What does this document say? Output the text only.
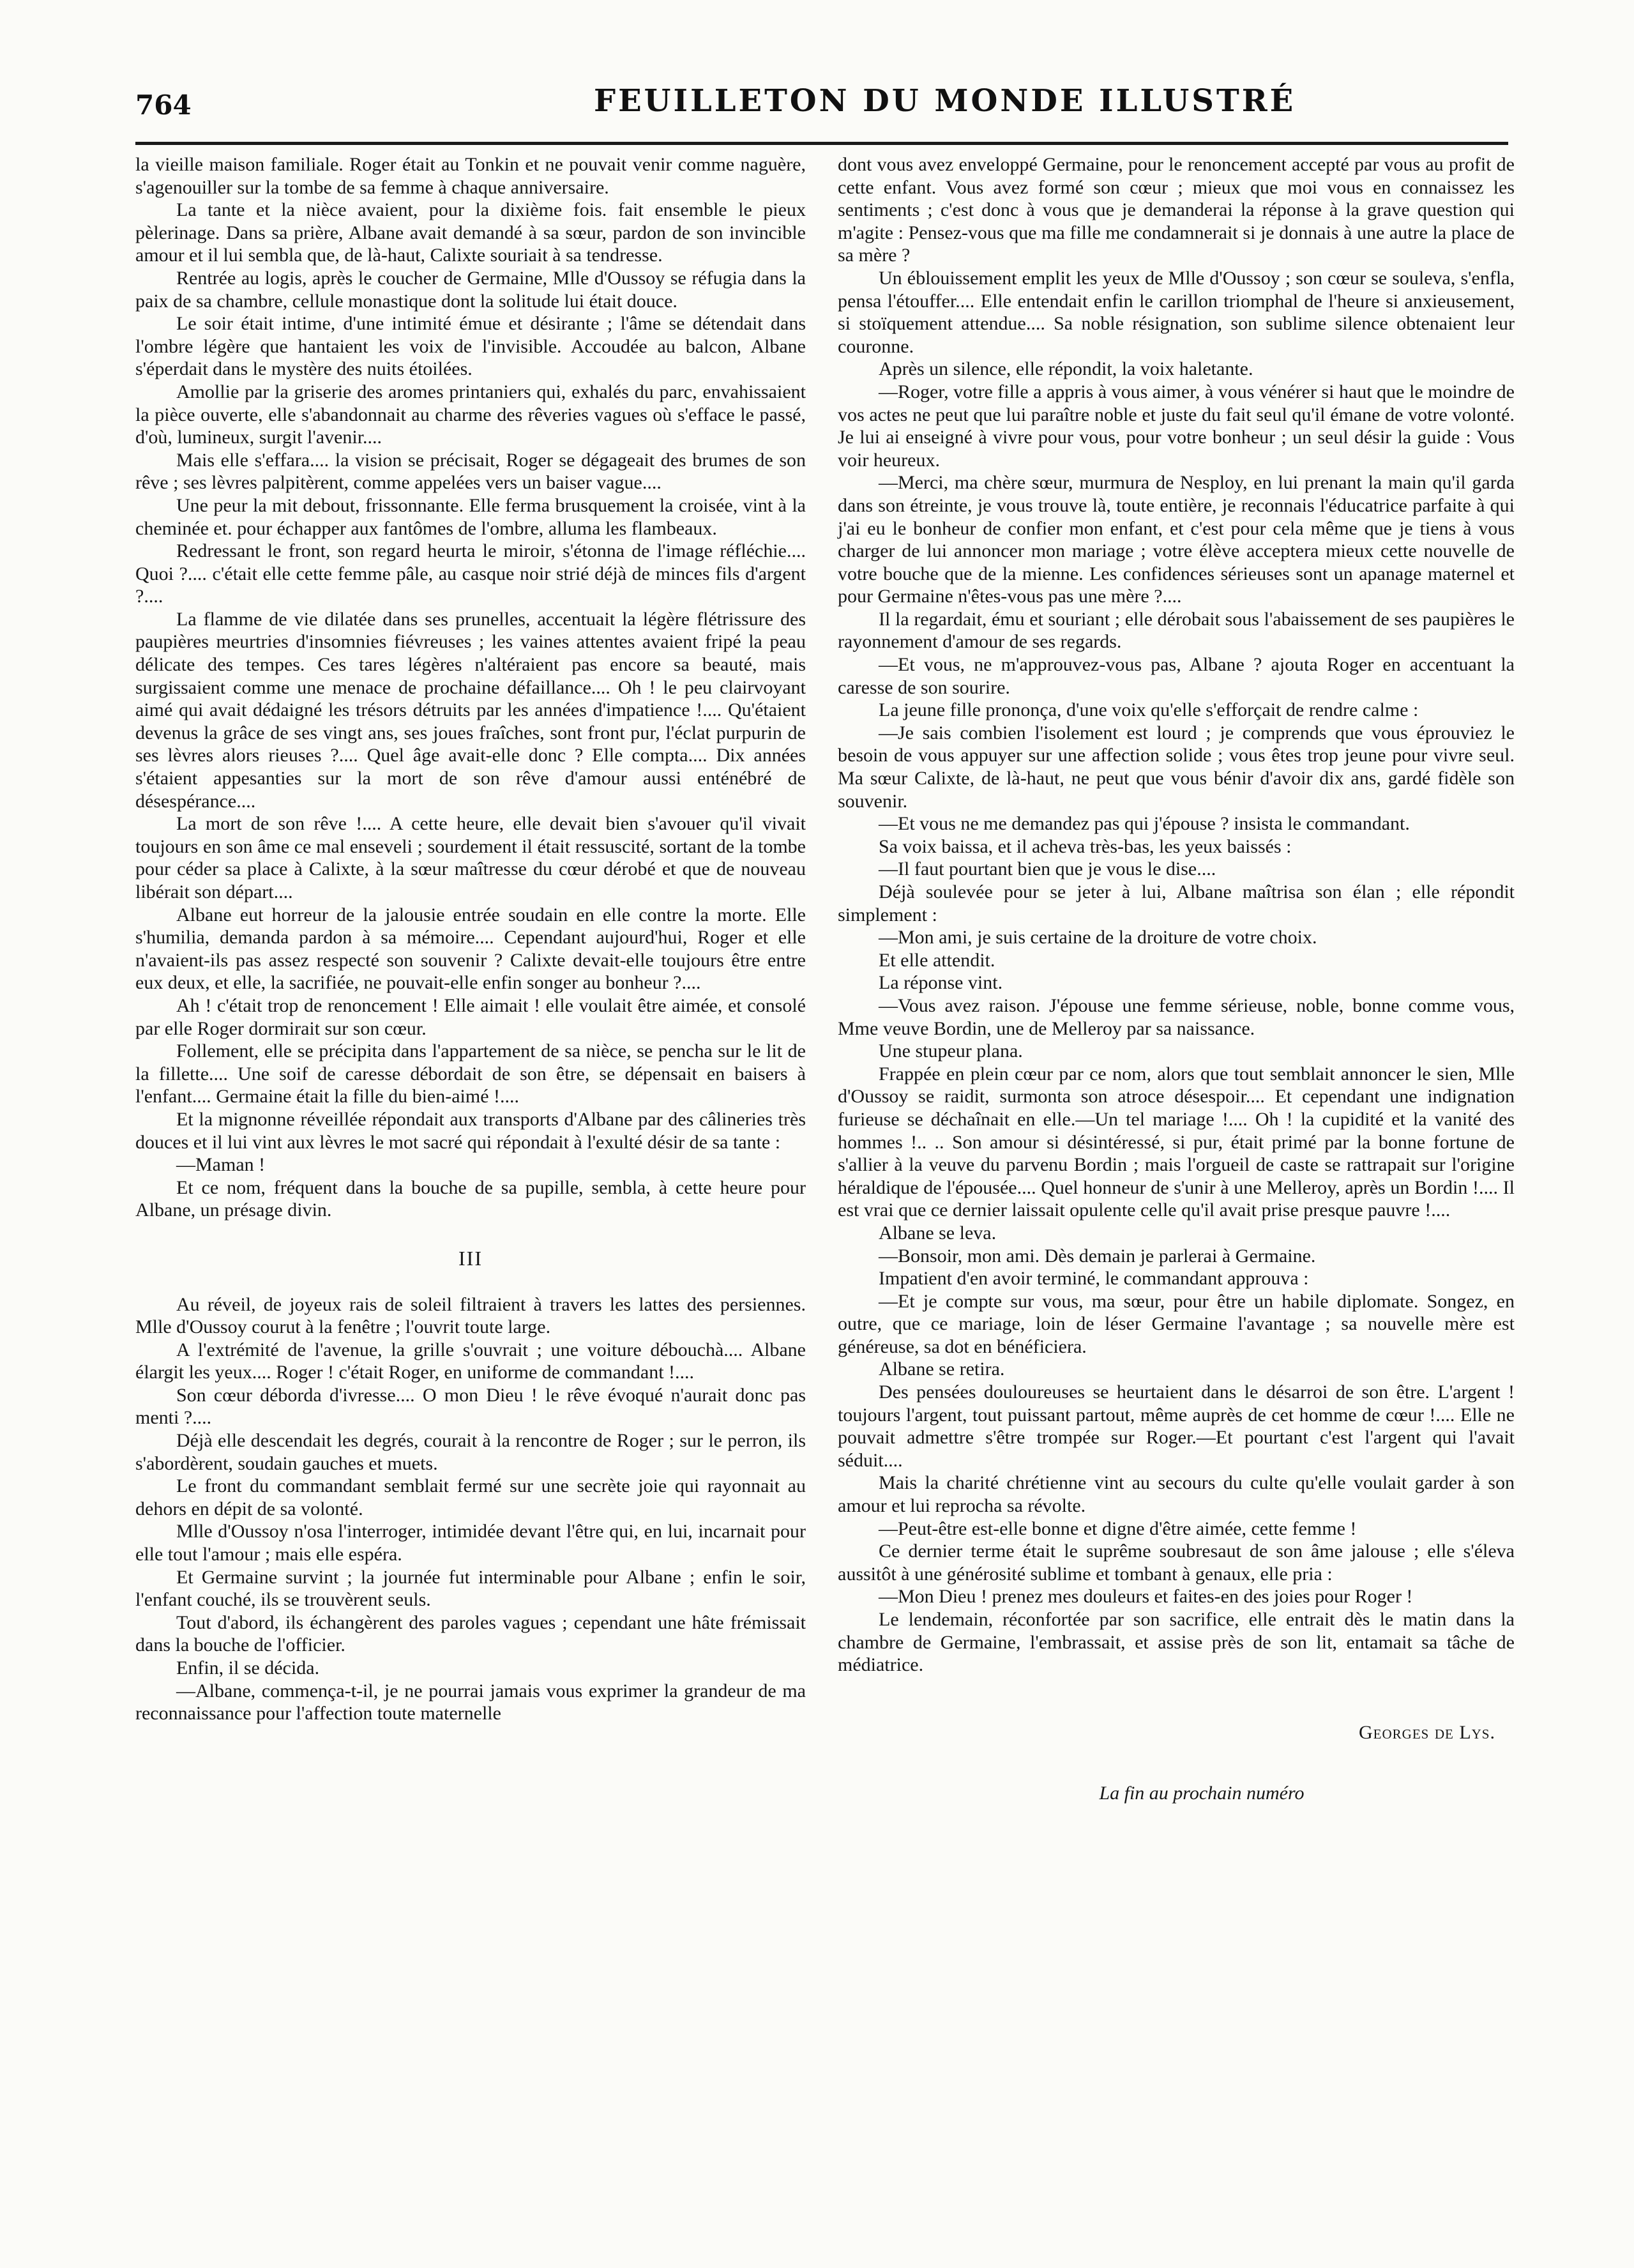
764	FEUILLETON DU MONDE ILLUSTRÉ

la vieille maison familiale. Roger était au Tonkin et ne pouvait venir comme naguère, s'agenouiller sur la tombe de sa femme à chaque anniversaire.

La tante et la nièce avaient, pour la dixième fois. fait ensemble le pieux pèlerinage. Dans sa prière, Albane avait demandé à sa sœur, pardon de son invincible amour et il lui sembla que, de là-haut, Calixte souriait à sa tendresse.

Rentrée au logis, après le coucher de Germaine, Mlle d'Oussoy se réfugia dans la paix de sa chambre, cellule monastique dont la solitude lui était douce.

Le soir était intime, d'une intimité émue et désirante ; l'âme se détendait dans l'ombre légère que hantaient les voix de l'invisible. Accoudée au balcon, Albane s'éperdait dans le mystère des nuits étoilées.

Amollie par la griserie des aromes printaniers qui, exhalés du parc, envahissaient la pièce ouverte, elle s'abandonnait au charme des rêveries vagues où s'efface le passé, d'où, lumineux, surgit l'avenir....

Mais elle s'effara.... la vision se précisait, Roger se dégageait des brumes de son rêve ; ses lèvres palpitèrent, comme appelées vers un baiser vague....

Une peur la mit debout, frissonnante. Elle ferma brusquement la croisée, vint à la cheminée et. pour échapper aux fantômes de l'ombre, alluma les flambeaux.

Redressant le front, son regard heurta le miroir, s'étonna de l'image réfléchie.... Quoi ?.... c'était elle cette femme pâle, au casque noir strié déjà de minces fils d'argent ?....

La flamme de vie dilatée dans ses prunelles, accentuait la légère flétrissure des paupières meurtries d'insomnies fiévreuses ; les vaines attentes avaient fripé la peau délicate des tempes. Ces tares légères n'altéraient pas encore sa beauté, mais surgissaient comme une menace de prochaine défaillance.... Oh ! le peu clairvoyant aimé qui avait dédaigné les trésors détruits par les années d'impatience !.... Qu'étaient devenus la grâce de ses vingt ans, ses joues fraîches, sont front pur, l'éclat purpurin de ses lèvres alors rieuses ?.... Quel âge avait-elle donc ? Elle compta.... Dix années s'étaient appesanties sur la mort de son rêve d'amour aussi enténébré de désespérance....

La mort de son rêve !.... A cette heure, elle devait bien s'avouer qu'il vivait toujours en son âme ce mal enseveli ; sourdement il était ressuscité, sortant de la tombe pour céder sa place à Calixte, à la sœur maîtresse du cœur dérobé et que de nouveau libérait son départ....

Albane eut horreur de la jalousie entrée soudain en elle contre la morte. Elle s'humilia, demanda pardon à sa mémoire.... Cependant aujourd'hui, Roger et elle n'avaient-ils pas assez respecté son souvenir ? Calixte devait-elle toujours être entre eux deux, et elle, la sacrifiée, ne pouvait-elle enfin songer au bonheur ?....

Ah ! c'était trop de renoncement ! Elle aimait ! elle voulait être aimée, et consolé par elle Roger dormirait sur son cœur.

Follement, elle se précipita dans l'appartement de sa nièce, se pencha sur le lit de la fillette.... Une soif de caresse débordait de son être, se dépensait en baisers à l'enfant.... Germaine était la fille du bien-aimé !....

Et la mignonne réveillée répondait aux transports d'Albane par des câlineries très douces et il lui vint aux lèvres le mot sacré qui répondait à l'exulté désir de sa tante :

—Maman !

Et ce nom, fréquent dans la bouche de sa pupille, sembla, à cette heure pour Albane, un présage divin.

III

Au réveil, de joyeux rais de soleil filtraient à travers les lattes des persiennes. Mlle d'Oussoy courut à la fenêtre ; l'ouvrit toute large.

A l'extrémité de l'avenue, la grille s'ouvrait ; une voiture débouchà.... Albane élargit les yeux.... Roger ! c'était Roger, en uniforme de commandant !....

Son cœur déborda d'ivresse.... O mon Dieu ! le rêve évoqué n'aurait donc pas menti ?....

Déjà elle descendait les degrés, courait à la rencontre de Roger ; sur le perron, ils s'abordèrent, soudain gauches et muets.

Le front du commandant semblait fermé sur une secrète joie qui rayonnait au dehors en dépit de sa volonté.

Mlle d'Oussoy n'osa l'interroger, intimidée devant l'être qui, en lui, incarnait pour elle tout l'amour ; mais elle espéra.

Et Germaine survint ; la journée fut interminable pour Albane ; enfin le soir, l'enfant couché, ils se trouvèrent seuls.

Tout d'abord, ils échangèrent des paroles vagues ; cependant une hâte frémissait dans la bouche de l'officier.

Enfin, il se décida.

—Albane, commença-t-il, je ne pourrai jamais vous exprimer la grandeur de ma reconnaissance pour l'affection toute maternelle

dont vous avez enveloppé Germaine, pour le renoncement accepté par vous au profit de cette enfant. Vous avez formé son cœur ; mieux que moi vous en connaissez les sentiments ; c'est donc à vous que je demanderai la réponse à la grave question qui m'agite : Pensez-vous que ma fille me condamnerait si je donnais à une autre la place de sa mère ?

Un éblouissement emplit les yeux de Mlle d'Oussoy ; son cœur se souleva, s'enfla, pensa l'étouffer.... Elle entendait enfin le carillon triomphal de l'heure si anxieusement, si stoïquement attendue.... Sa noble résignation, son sublime silence obtenaient leur couronne.

Après un silence, elle répondit, la voix haletante.

—Roger, votre fille a appris à vous aimer, à vous vénérer si haut que le moindre de vos actes ne peut que lui paraître noble et juste du fait seul qu'il émane de votre volonté. Je lui ai enseigné à vivre pour vous, pour votre bonheur ; un seul désir la guide : Vous voir heureux.

—Merci, ma chère sœur, murmura de Nesploy, en lui prenant la main qu'il garda dans son étreinte, je vous trouve là, toute entière, je reconnais l'éducatrice parfaite à qui j'ai eu le bonheur de confier mon enfant, et c'est pour cela même que je tiens à vous charger de lui annoncer mon mariage ; votre élève acceptera mieux cette nouvelle de votre bouche que de la mienne. Les confidences sérieuses sont un apanage maternel et pour Germaine n'êtes-vous pas une mère ?....

Il la regardait, ému et souriant ; elle dérobait sous l'abaissement de ses paupières le rayonnement d'amour de ses regards.

—Et vous, ne m'approuvez-vous pas, Albane ? ajouta Roger en accentuant la caresse de son sourire.

La jeune fille prononça, d'une voix qu'elle s'efforçait de rendre calme :

—Je sais combien l'isolement est lourd ; je comprends que vous éprouviez le besoin de vous appuyer sur une affection solide ; vous êtes trop jeune pour vivre seul. Ma sœur Calixte, de là-haut, ne peut que vous bénir d'avoir dix ans, gardé fidèle son souvenir.

—Et vous ne me demandez pas qui j'épouse ? insista le commandant.

Sa voix baissa, et il acheva très-bas, les yeux baissés :

—Il faut pourtant bien que je vous le dise....

Déjà soulevée pour se jeter à lui, Albane maîtrisa son élan ; elle répondit simplement :

—Mon ami, je suis certaine de la droiture de votre choix.

Et elle attendit.

La réponse vint.

—Vous avez raison. J'épouse une femme sérieuse, noble, bonne comme vous, Mme veuve Bordin, une de Melleroy par sa naissance.

Une stupeur plana.

Frappée en plein cœur par ce nom, alors que tout semblait annoncer le sien, Mlle d'Oussoy se raidit, surmonta son atroce désespoir.... Et cependant une indignation furieuse se déchaînait en elle.—Un tel mariage !.... Oh ! la cupidité et la vanité des hommes !.. .. Son amour si désintéressé, si pur, était primé par la bonne fortune de s'allier à la veuve du parvenu Bordin ; mais l'orgueil de caste se rattrapait sur l'origine héraldique de l'épousée.... Quel honneur de s'unir à une Melleroy, après un Bordin !.... Il est vrai que ce dernier laissait opulente celle qu'il avait prise presque pauvre !....

Albane se leva.

—Bonsoir, mon ami. Dès demain je parlerai à Germaine.

Impatient d'en avoir terminé, le commandant approuva :

—Et je compte sur vous, ma sœur, pour être un habile diplomate. Songez, en outre, que ce mariage, loin de léser Germaine l'avantage ; sa nouvelle mère est généreuse, sa dot en bénéficiera.

Albane se retira.

Des pensées douloureuses se heurtaient dans le désarroi de son être. L'argent ! toujours l'argent, tout puissant partout, même auprès de cet homme de cœur !.... Elle ne pouvait admettre s'être trompée sur Roger.—Et pourtant c'est l'argent qui l'avait séduit....

Mais la charité chrétienne vint au secours du culte qu'elle voulait garder à son amour et lui reprocha sa révolte.

—Peut-être est-elle bonne et digne d'être aimée, cette femme !

Ce dernier terme était le suprême soubresaut de son âme jalouse ; elle s'éleva aussitôt à une générosité sublime et tombant à genaux, elle pria :

—Mon Dieu ! prenez mes douleurs et faites-en des joies pour Roger !

Le lendemain, réconfortée par son sacrifice, elle entrait dès le matin dans la chambre de Germaine, l'embrassait, et assise près de son lit, entamait sa tâche de médiatrice.

Georges de Lys.

La fin au prochain numéro
